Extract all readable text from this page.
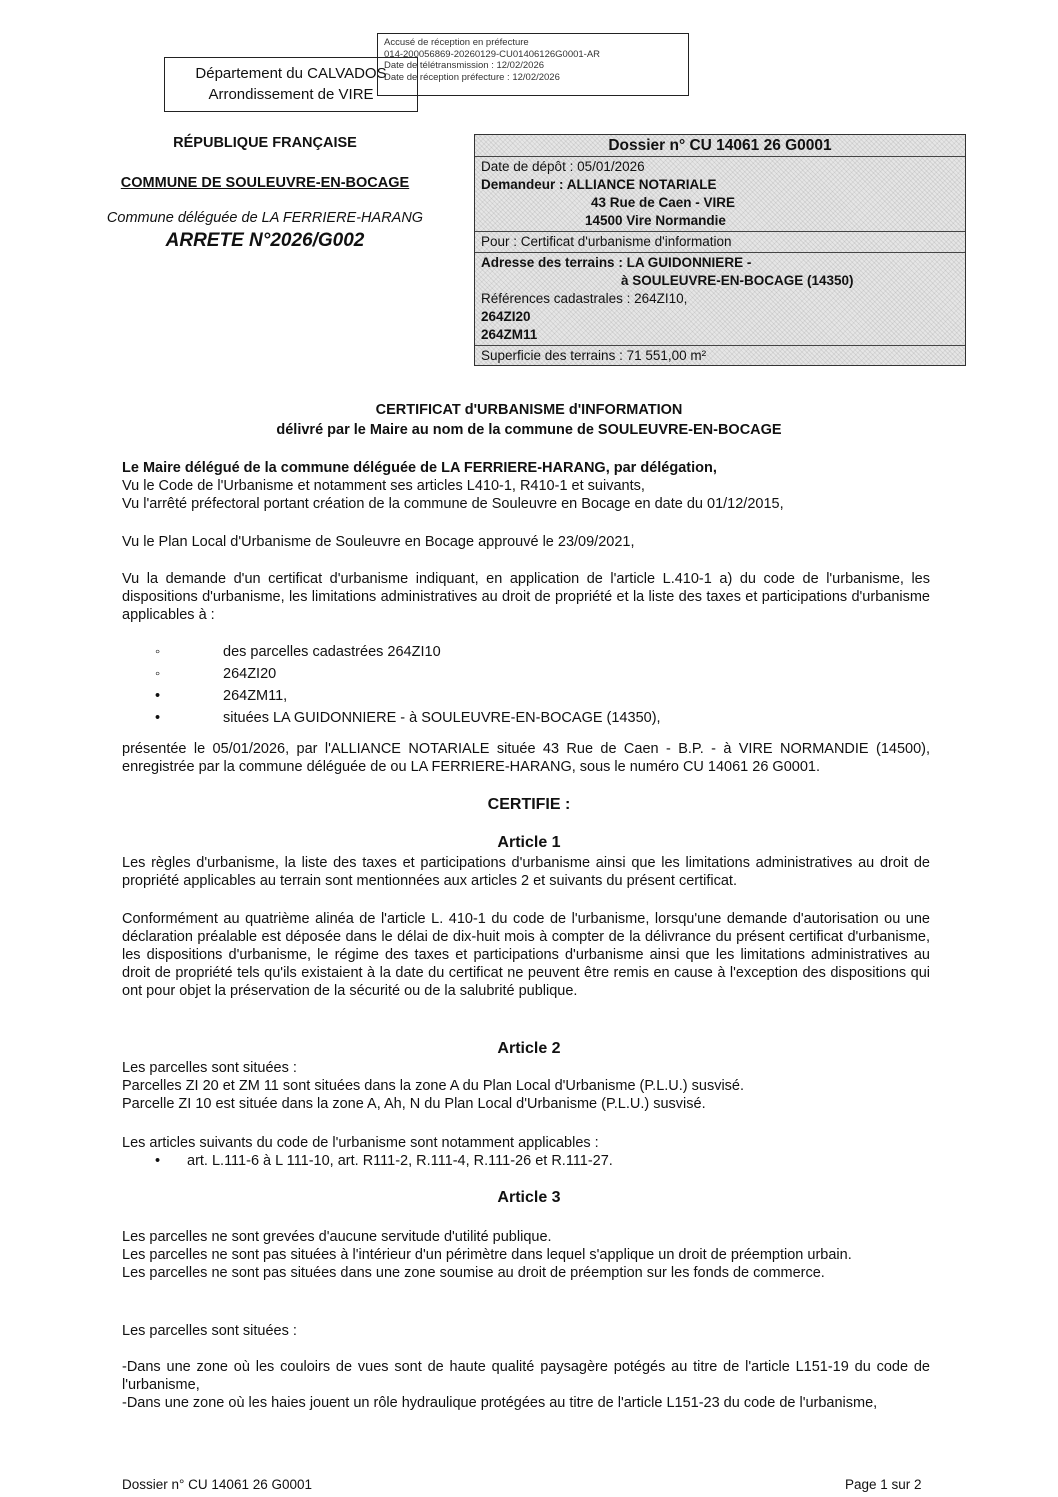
Accusé de réception en préfecture
014-200056869-20260129-CU01406126G0001-AR
Date de télétransmission : 12/02/2026
Date de réception préfecture : 12/02/2026
Département du CALVADOS
Arrondissement de VIRE
RÉPUBLIQUE FRANÇAISE
COMMUNE DE SOULEUVRE-EN-BOCAGE
Commune déléguée de LA FERRIERE-HARANG
ARRETE N°2026/G002
Dossier n° CU 14061 26 G0001
Date de dépôt : 05/01/2026
Demandeur : ALLIANCE NOTARIALE
43 Rue de Caen - VIRE
14500 Vire Normandie
Pour : Certificat d'urbanisme d'information
Adresse des terrains : LA GUIDONNIERE -
à SOULEUVRE-EN-BOCAGE (14350)
Références cadastrales : 264ZI10,
264ZI20
264ZM11
Superficie des terrains : 71 551,00 m²
CERTIFICAT d'URBANISME d'INFORMATION
délivré par le Maire au nom de la commune de SOULEUVRE-EN-BOCAGE

Le Maire délégué de la commune déléguée de LA FERRIERE-HARANG, par délégation,

Vu le Code de l'Urbanisme et notamment ses articles L410-1, R410-1 et suivants,

Vu l'arrêté préfectoral portant création de la commune de Souleuvre en Bocage en date du 01/12/2015,

Vu le Plan Local d'Urbanisme de Souleuvre en Bocage approuvé le 23/09/2021,
Vu la demande d'un certificat d'urbanisme indiquant, en application de l'article L.410-1 a) du code de l'urbanisme, les dispositions d'urbanisme, les limitations administratives au droit de propriété et la liste des taxes et participations d'urbanisme applicables à :
◦	des parcelles cadastrées 264ZI10
◦	264ZI20
•	264ZM11,
•	situées LA GUIDONNIERE - à SOULEUVRE-EN-BOCAGE (14350),
présentée le 05/01/2026, par l'ALLIANCE NOTARIALE située 43 Rue de Caen - B.P. - à VIRE NORMANDIE (14500), enregistrée par la commune déléguée de ou LA FERRIERE-HARANG, sous le numéro CU 14061 26 G0001.
CERTIFIE :
Article 1
Les règles d'urbanisme, la liste des taxes et participations d'urbanisme ainsi que les limitations administratives au droit de propriété applicables au terrain sont mentionnées aux articles 2 et suivants du présent certificat.
Conformément au quatrième alinéa de l'article L. 410-1 du code de l'urbanisme, lorsqu'une demande d'autorisation ou une déclaration préalable est déposée dans le délai de dix-huit mois à compter de la délivrance du présent certificat d'urbanisme, les dispositions d'urbanisme, le régime des taxes et participations d'urbanisme ainsi que les limitations administratives au droit de propriété tels qu'ils existaient à la date du certificat ne peuvent être remis en cause à l'exception des dispositions qui ont pour objet la préservation de la sécurité ou de la salubrité publique.
Article 2

Les parcelles sont situées :

Parcelles ZI 20 et ZM 11 sont situées dans la zone A du Plan Local d'Urbanisme (P.L.U.) susvisé.

Parcelle ZI 10 est située dans la zone A, Ah, N du Plan Local d'Urbanisme (P.L.U.) susvisé.

Les articles suivants du code de l'urbanisme sont notamment applicables :
•	art. L.111-6 à L 111-10, art. R111-2, R.111-4, R.111-26 et R.111-27.
Article 3

Les parcelles ne sont grevées d'aucune servitude d'utilité publique.

Les parcelles ne sont pas situées à l'intérieur d'un périmètre dans lequel s'applique un droit de préemption urbain.

Les parcelles ne sont pas situées dans une zone soumise au droit de préemption sur les fonds de commerce.

Les parcelles sont situées :
-Dans une zone où les couloirs de vues sont de haute qualité paysagère potégés au titre de l'article L151-19 du code de l'urbanisme,
-Dans une zone où les haies jouent un rôle hydraulique protégées au titre de l'article L151-23 du code de l'urbanisme,
Dossier n° CU 14061 26 G0001	Page 1 sur 2
